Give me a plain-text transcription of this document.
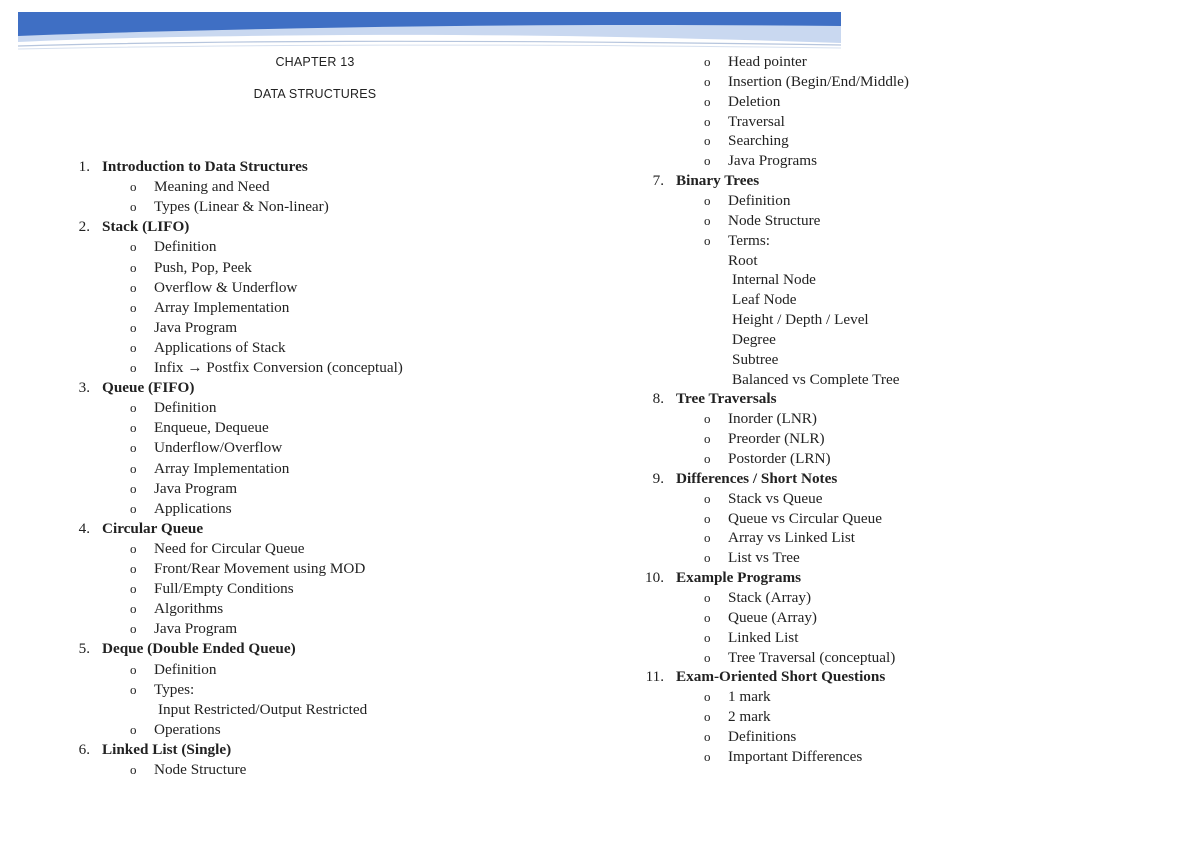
CHAPTER 13
DATA STRUCTURES
1. Introduction to Data Structures
o Meaning and Need
o Types (Linear & Non-linear)
2. Stack (LIFO)
o Definition
o Push, Pop, Peek
o Overflow & Underflow
o Array Implementation
o Java Program
o Applications of Stack
o Infix → Postfix Conversion (conceptual)
3. Queue (FIFO)
o Definition
o Enqueue, Dequeue
o Underflow/Overflow
o Array Implementation
o Java Program
o Applications
4. Circular Queue
o Need for Circular Queue
o Front/Rear Movement using MOD
o Full/Empty Conditions
o Algorithms
o Java Program
5. Deque (Double Ended Queue)
o Definition
o Types:
Input Restricted/Output Restricted
o Operations
6. Linked List (Single)
o Node Structure
o Head pointer
o Insertion (Begin/End/Middle)
o Deletion
o Traversal
o Searching
o Java Programs
7. Binary Trees
o Definition
o Node Structure
o Terms:
Root
Internal Node
Leaf Node
Height / Depth / Level
Degree
Subtree
Balanced vs Complete Tree
8. Tree Traversals
o Inorder (LNR)
o Preorder (NLR)
o Postorder (LRN)
9. Differences / Short Notes
o Stack vs Queue
o Queue vs Circular Queue
o Array vs Linked List
o List vs Tree
10. Example Programs
o Stack (Array)
o Queue (Array)
o Linked List
o Tree Traversal (conceptual)
11. Exam-Oriented Short Questions
o 1 mark
o 2 mark
o Definitions
o Important Differences
